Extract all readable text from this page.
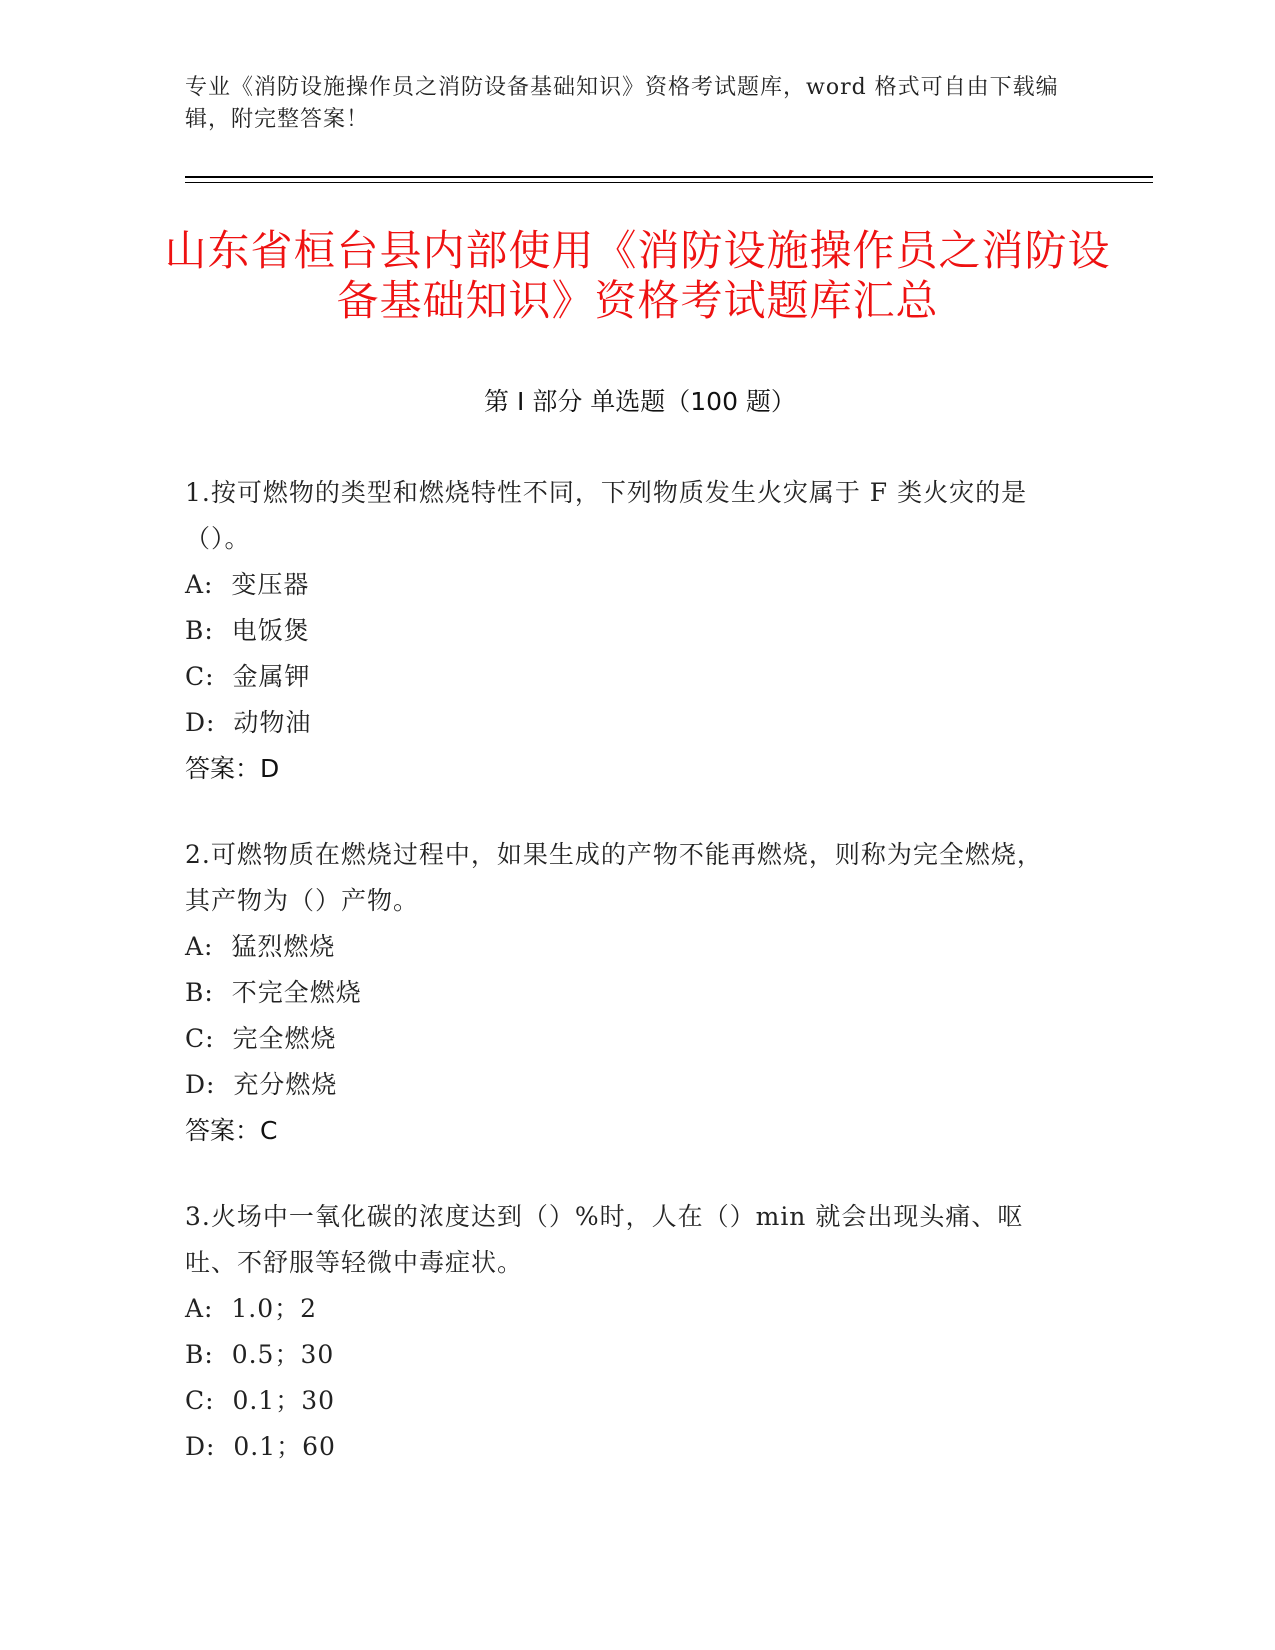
专业《消防设施操作员之消防设备基础知识》资格考试题库，word 格式可自由下载编辑，附完整答案！
山东省桓台县内部使用《消防设施操作员之消防设备基础知识》资格考试题库汇总
第 I 部分 单选题（100 题）
1.按可燃物的类型和燃烧特性不同，下列物质发生火灾属于 F 类火灾的是（）。
A:  变压器
B:  电饭煲
C:  金属钾
D:  动物油
答案：D
2.可燃物质在燃烧过程中，如果生成的产物不能再燃烧，则称为完全燃烧，其产物为（）产物。
A:  猛烈燃烧
B:  不完全燃烧
C:  完全燃烧
D:  充分燃烧
答案：C
3.火场中一氧化碳的浓度达到（）%时，人在（）min 就会出现头痛、呕吐、不舒服等轻微中毒症状。
A:  1.0；2
B:  0.5；30
C:  0.1；30
D:  0.1；60
